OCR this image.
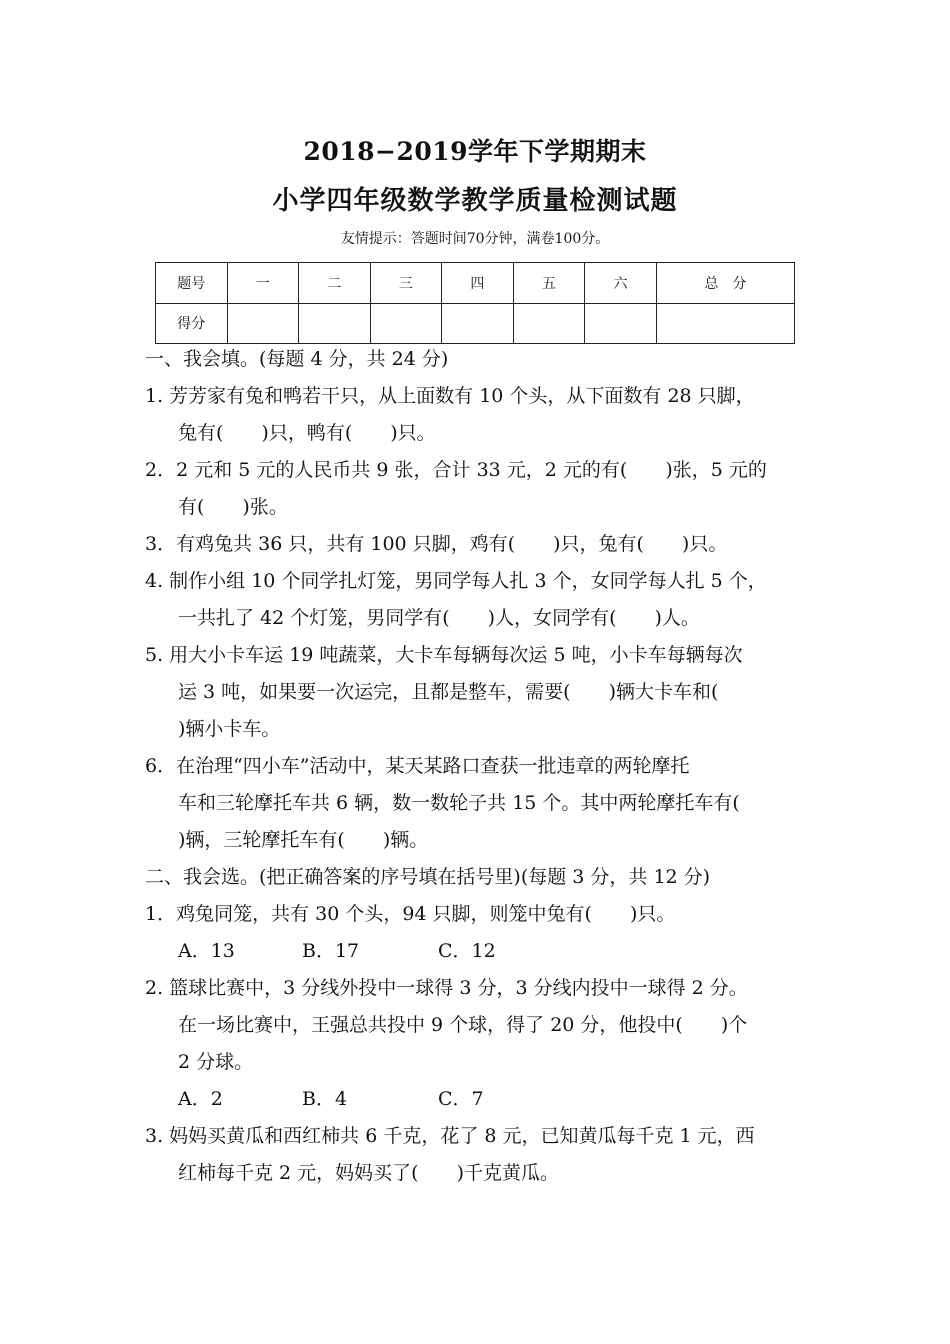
2018−2019学年下学期期末
小学四年级数学教学质量检测试题
友情提示：答题时间70分钟，满卷100分。
题号	一	二	三	四	五	六	总　分
得分							
一、我会填。(每题 4 分，共 24 分)
1. 芳芳家有兔和鸭若干只，从上面数有 10 个头，从下面数有 28 只脚，
兔有(　　)只，鸭有(　　)只。
2．2 元和 5 元的人民币共 9 张，合计 33 元，2 元的有(　　)张，5 元的
有(　　)张。
3．有鸡兔共 36 只，共有 100 只脚，鸡有(　　)只，兔有(　　)只。
4. 制作小组 10 个同学扎灯笼，男同学每人扎 3 个，女同学每人扎 5 个，
一共扎了 42 个灯笼，男同学有(　　)人，女同学有(　　)人。
5. 用大小卡车运 19 吨蔬菜，大卡车每辆每次运 5 吨，小卡车每辆每次
运 3 吨，如果要一次运完，且都是整车，需要(　　)辆大卡车和(
)辆小卡车。
6．在治理“四小车”活动中，某天某路口查获一批违章的两轮摩托
车和三轮摩托车共 6 辆，数一数轮子共 15 个。其中两轮摩托车有(
)辆，三轮摩托车有(　　)辆。
二、我会选。(把正确答案的序号填在括号里)(每题 3 分，共 12 分)
1．鸡兔同笼，共有 30 个头，94 只脚，则笼中兔有(　　)只。
A．13	B．17	C．12
2. 篮球比赛中，3 分线外投中一球得 3 分，3 分线内投中一球得 2 分。
在一场比赛中，王强总共投中 9 个球，得了 20 分，他投中(　　)个
2 分球。
A．2	B．4	C．7
3. 妈妈买黄瓜和西红柿共 6 千克，花了 8 元，已知黄瓜每千克 1 元，西
红柿每千克 2 元，妈妈买了(　　)千克黄瓜。
